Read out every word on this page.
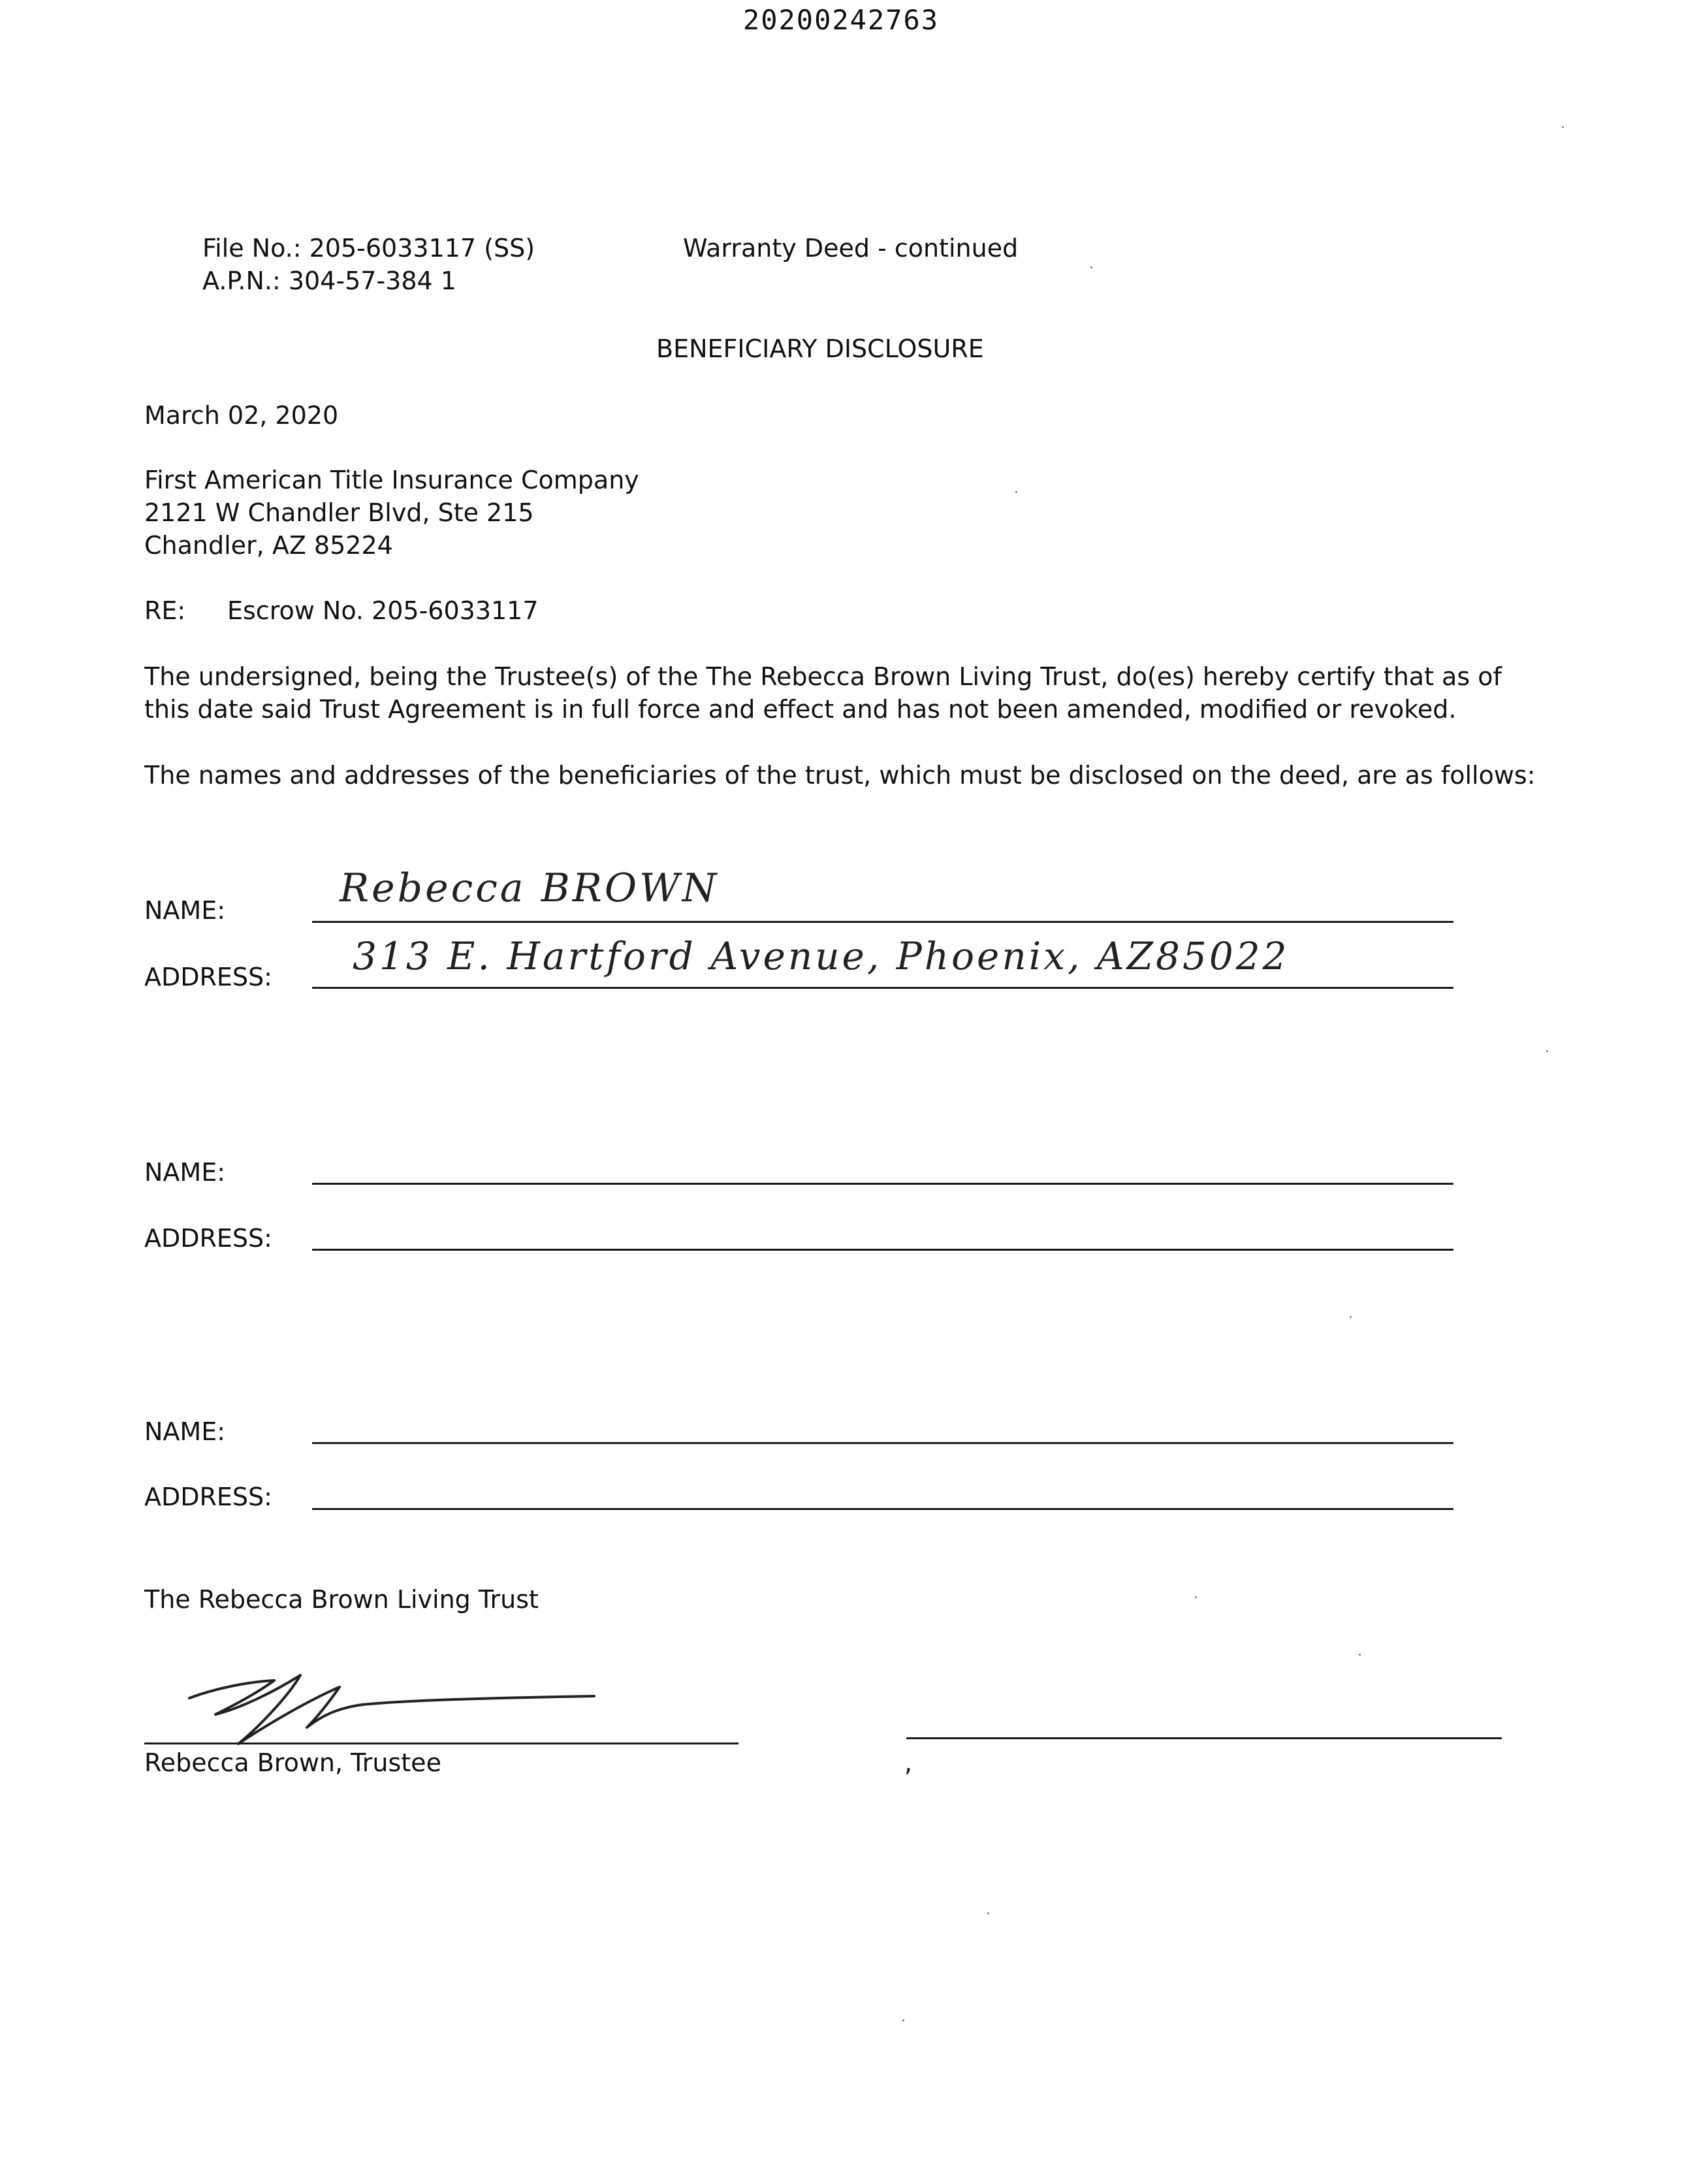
20200242763
File No.: 205-6033117 (SS)
A.P.N.: 304-57-384 1
Warranty Deed - continued
BENEFICIARY DISCLOSURE
March 02, 2020
First American Title Insurance Company
2121 W Chandler Blvd, Ste 215
Chandler, AZ 85224
RE: Escrow No. 205-6033117
The undersigned, being the Trustee(s) of the The Rebecca Brown Living Trust, do(es) hereby certify that as of
this date said Trust Agreement is in full force and effect and has not been amended, modified or revoked.
The names and addresses of the beneficiaries of the trust, which must be disclosed on the deed, are as follows:
NAME:	Rebecca BROWN
ADDRESS: 313 E. Hartford Avenue, Phoenix, AZ85022
NAME:
ADDRESS:
NAME:
ADDRESS:
The Rebecca Brown Living Trust
Rebecca Brown, Trustee	,
